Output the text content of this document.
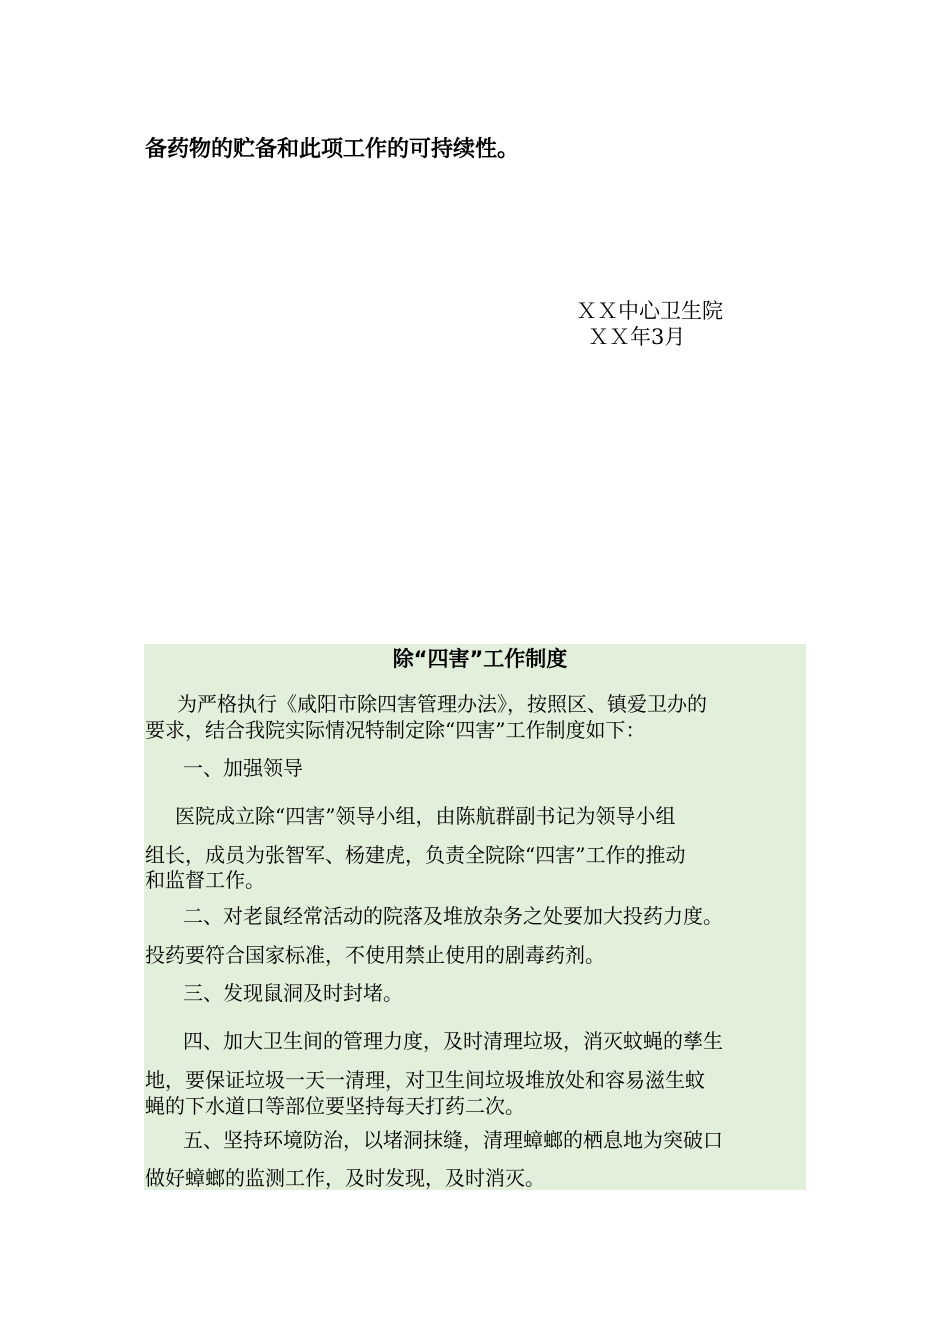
备药物的贮备和此项工作的可持续性。
ＸＸ中心卫生院
ＸＸ年3月
除“四害”工作制度
为严格执行《咸阳市除四害管理办法》，按照区、镇爱卫办的
要求，结合我院实际情况特制定除“四害”工作制度如下：
一、加强领导
医院成立除“四害”领导小组，由陈航群副书记为领导小组
组长，成员为张智军、杨建虎，负责全院除“四害”工作的推动
和监督工作。
二、对老鼠经常活动的院落及堆放杂务之处要加大投药力度。
投药要符合国家标准，不使用禁止使用的剧毒药剂。
三、发现鼠洞及时封堵。
四、加大卫生间的管理力度，及时清理垃圾，消灭蚊蝇的孳生
地，要保证垃圾一天一清理，对卫生间垃圾堆放处和容易滋生蚊
蝇的下水道口等部位要坚持每天打药二次。
五、坚持环境防治，以堵洞抹缝，清理蟑螂的栖息地为突破口
做好蟑螂的监测工作，及时发现，及时消灭。
